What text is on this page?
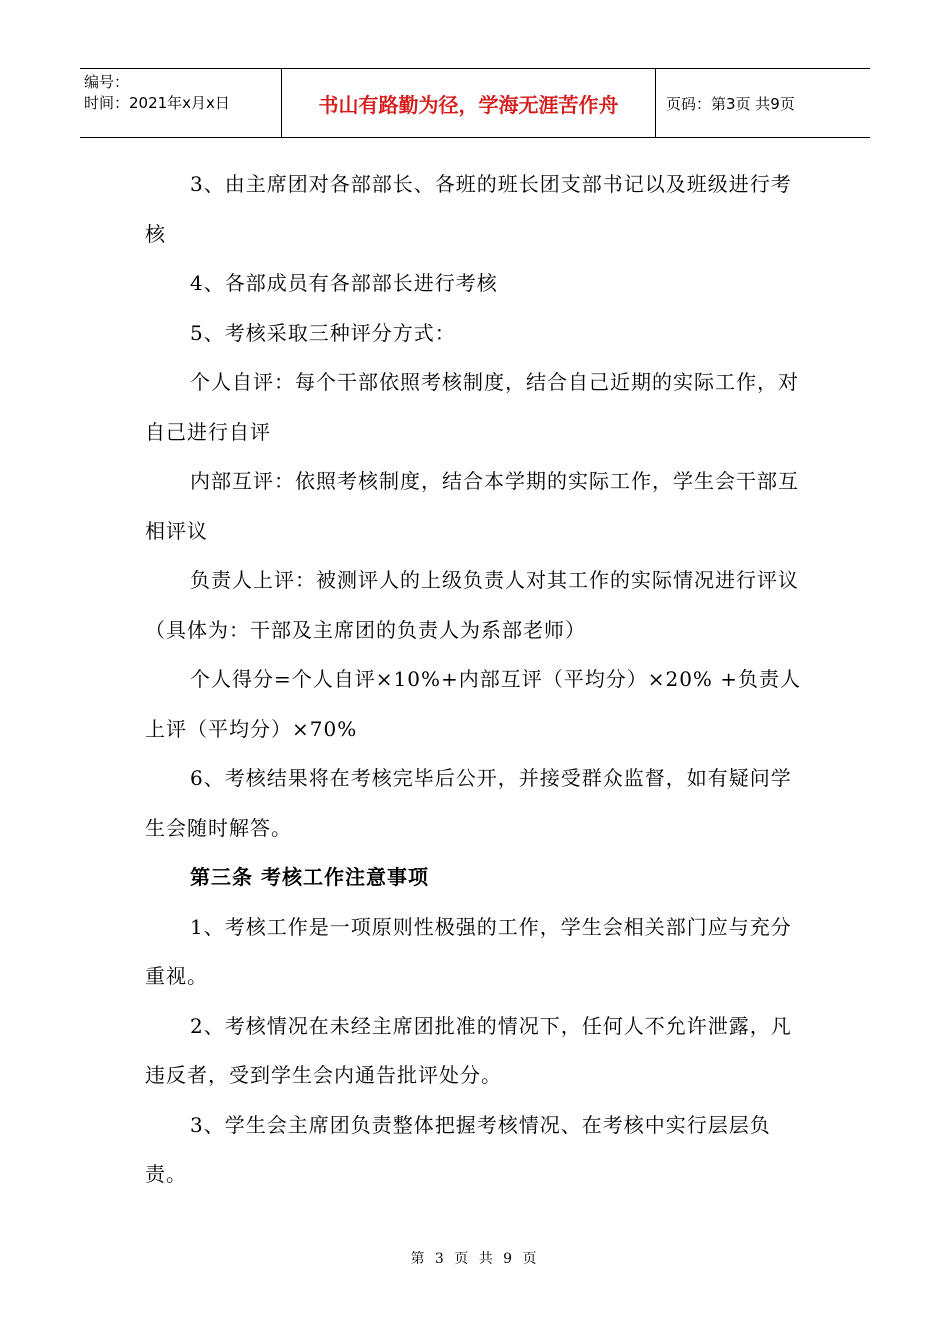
编号：
时间：2021年x月x日	书山有路勤为径，学海无涯苦作舟	页码：第3页 共9页

3、由主席团对各部部长、各班的班长团支部书记以及班级进行考核

4、各部成员有各部部长进行考核

5、考核采取三种评分方式：

个人自评：每个干部依照考核制度，结合自己近期的实际工作，对自己进行自评

内部互评：依照考核制度，结合本学期的实际工作，学生会干部互相评议

负责人上评：被测评人的上级负责人对其工作的实际情况进行评议（具体为：干部及主席团的负责人为系部老师）

个人得分=个人自评×10%+内部互评（平均分）×20% +负责人上评（平均分）×70%

6、考核结果将在考核完毕后公开，并接受群众监督，如有疑问学生会随时解答。

第三条 考核工作注意事项

1、考核工作是一项原则性极强的工作，学生会相关部门应与充分重视。

2、考核情况在未经主席团批准的情况下，任何人不允许泄露，凡违反者，受到学生会内通告批评处分。

3、学生会主席团负责整体把握考核情况、在考核中实行层层负责。

第 3 页 共 9 页
